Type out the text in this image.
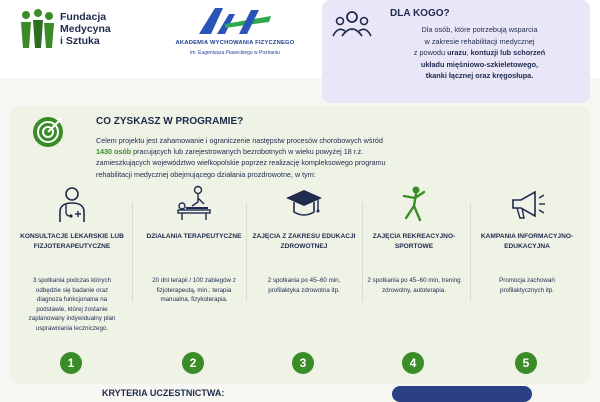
Fundacja
Medycyna
i Sztuka	AKADEMIA WYCHOWANIA FIZYCZNEGO
im. Eugeniusza Piaseckiego w Poznaniu
DLA KOGO?
Dla osób, które potrzebują wsparcia
w zakresie rehabilitacji medycznej
z powodu urazu, kontuzji lub schorzeń
układu mięśniowo-szkieletowego,
tkanki łącznej oraz kręgosłupa.
CO ZYSKASZ W PROGRAMIE?
Celem projektu jest zahamowanie i ograniczenie następstw procesów chorobowych wśród
1430 osób pracujących lub zarejestrowanych bezrobotnych w wieku powyżej 18 r.ż.
zamieszkujących województwo wielkopolskie poprzez realizację kompleksowego programu
rehabilitacji medycznej obejmującego działania prozdrowotne, w tym:
KONSULTACJE LEKARSKIE LUB FIZJOTERAPEUTYCZNE
3 spotkania podczas których odbędzie się badanie oraz diagnoza funkcjonalna na podstawie, której zostanie zaplanowany indywidualny plan usprawniania leczniczego.
1
DZIAŁANIA TERAPEUTYCZNE
20 dni terapii / 100 zabiegów z fizjoterapeutą, min.: terapia manualna, fizykoterapia.
2
ZAJĘCIA Z ZAKRESU EDUKACJI ZDROWOTNEJ
2 spotkania po 45–60 min, profilaktyka zdrowotna itp.
3
ZAJĘCIA REKREACYJNO-SPORTOWE
2 spotkania po 45–60 min, trening zdrowotny, autoterapia.
4
KAMPANIA INFORMACYJNO-EDUKACYJNA
Promocja zachowań profilaktycznych itp.
5
KRYTERIA UCZESTNICTWA:
